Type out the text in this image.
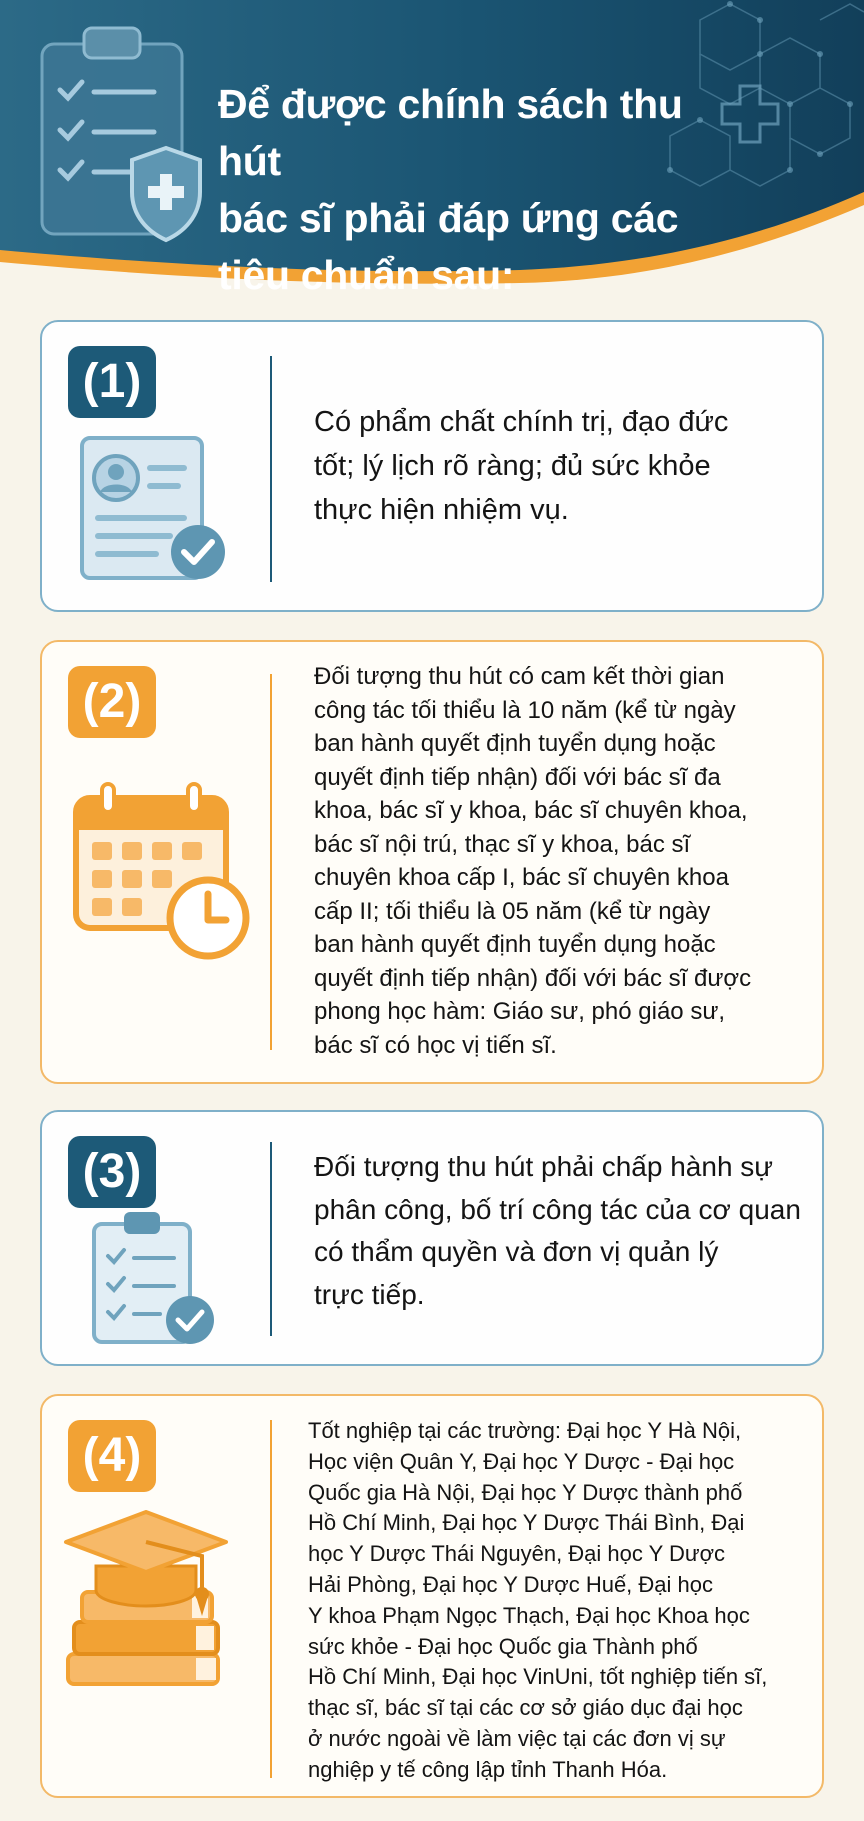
Để được chính sách thu hút
bác sĩ phải đáp ứng các
tiêu chuẩn sau:
(1)
Có phẩm chất chính trị, đạo đức
tốt; lý lịch rõ ràng; đủ sức khỏe
thực hiện nhiệm vụ.
(2)	Đối tượng thu hút có cam kết thời gian
công tác tối thiểu là 10 năm (kể từ ngày
ban hành quyết định tuyển dụng hoặc
quyết định tiếp nhận) đối với bác sĩ đa
khoa, bác sĩ y khoa, bác sĩ chuyên khoa,
bác sĩ nội trú, thạc sĩ y khoa, bác sĩ
chuyên khoa cấp I, bác sĩ chuyên khoa
cấp II; tối thiểu là 05 năm (kể từ ngày
ban hành quyết định tuyển dụng hoặc
quyết định tiếp nhận) đối với bác sĩ được
phong học hàm: Giáo sư, phó giáo sư,
bác sĩ có học vị tiến sĩ.
(3)	Đối tượng thu hút phải chấp hành sự
phân công, bố trí công tác của cơ quan
có thẩm quyền và đơn vị quản lý
trực tiếp.
(4)	Tốt nghiệp tại các trường: Đại học Y Hà Nội,
Học viện Quân Y, Đại học Y Dược - Đại học
Quốc gia Hà Nội, Đại học Y Dược thành phố
Hồ Chí Minh, Đại học Y Dược Thái Bình, Đại
học Y Dược Thái Nguyên, Đại học Y Dược
Hải Phòng, Đại học Y Dược Huế, Đại học
Y khoa Phạm Ngọc Thạch, Đại học Khoa học
sức khỏe - Đại học Quốc gia Thành phố
Hồ Chí Minh, Đại học VinUni, tốt nghiệp tiến sĩ,
thạc sĩ, bác sĩ tại các cơ sở giáo dục đại học
ở nước ngoài về làm việc tại các đơn vị sự
nghiệp y tế công lập tỉnh Thanh Hóa.
